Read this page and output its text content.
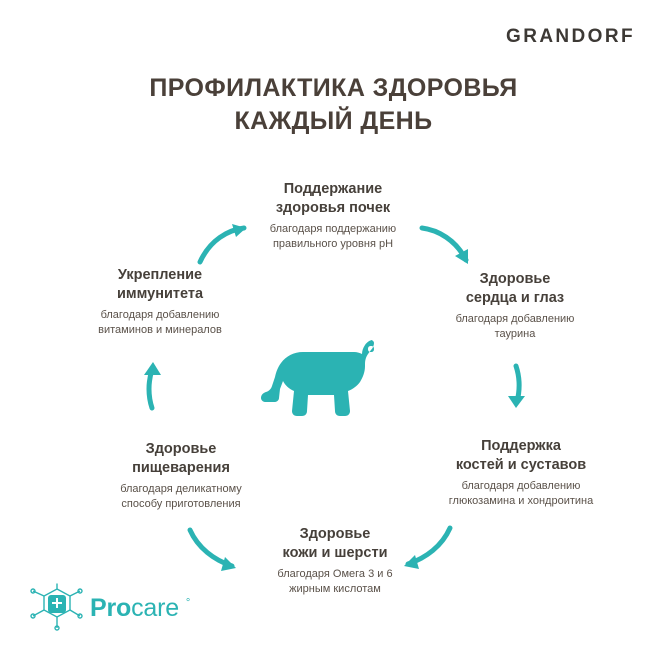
GRANDORF
ПРОФИЛАКТИКА ЗДОРОВЬЯ
КАЖДЫЙ ДЕНЬ
Поддержание
здоровья почек
благодаря поддержанию
правильного уровня pH
Здоровье
сердца и глаз
благодаря добавлению
таурина
Поддержка
костей и суставов
благодаря добавлению
глюкозамина и хондроитина
Здоровье
кожи и шерсти
благодаря Омега 3 и 6
жирным кислотам
Здоровье
пищеварения
благодаря деликатному
способу приготовления
Укрепление
иммунитета
благодаря добавлению
витаминов и минералов
Procare °
